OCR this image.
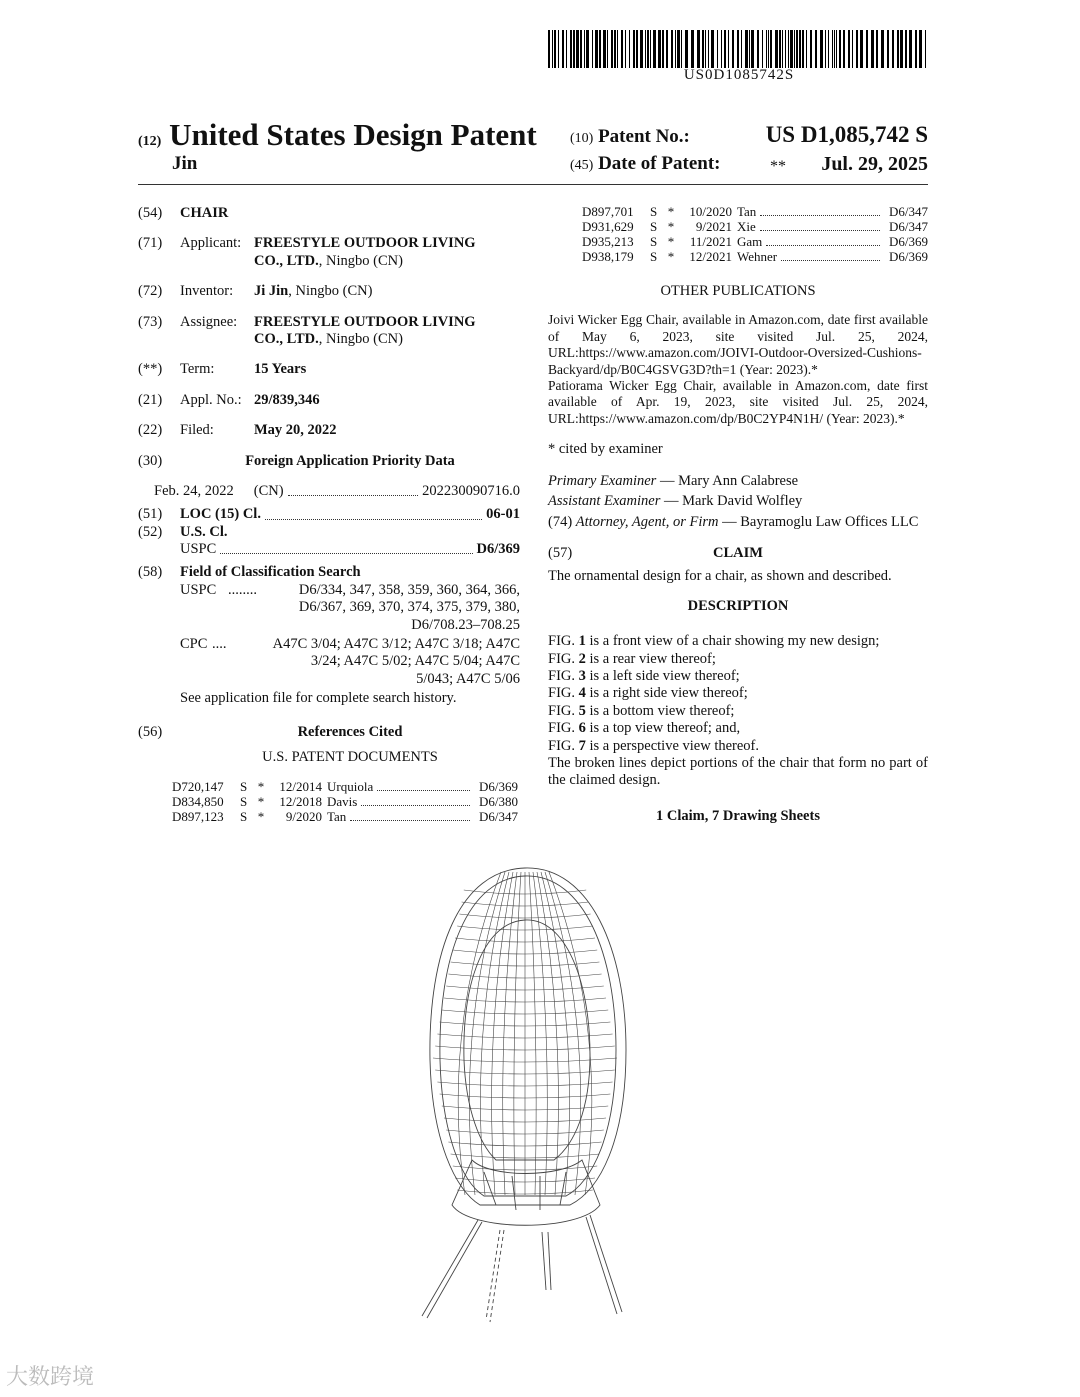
US0D1085742S
(12) United States Design Patent
Jin
(10) Patent No.:	US D1,085,742 S
(45) Date of Patent:	**	Jul. 29, 2025
(54)	CHAIR
(71)	Applicant: FREESTYLE OUTDOOR LIVING CO., LTD., Ningbo (CN)
(72)	Inventor:	Ji Jin, Ningbo (CN)
(73)	Assignee:	FREESTYLE OUTDOOR LIVING CO., LTD., Ningbo (CN)
(**)	Term:	15 Years
(21)	Appl. No.: 29/839,346
(22)	Filed:	May 20, 2022
(30)	Foreign Application Priority Data
Feb. 24, 2022 (CN)	202230090716.0
(51)	LOC (15) Cl.	06-01
(52)	U.S. Cl.
USPC	D6/369
(58)	Field of Classification Search
USPC ........	D6/334, 347, 358, 359, 360, 364, 366,
D6/367, 369, 370, 374, 375, 379, 380,
D6/708.23–708.25
CPC ....	A47C 3/04; A47C 3/12; A47C 3/18; A47C
3/24; A47C 5/02; A47C 5/04; A47C
5/043; A47C 5/06
See application file for complete search history.
(56)	References Cited
U.S. PATENT DOCUMENTS
D720,147	S *	12/2014 Urquiola	D6/369
D834,850	S *	12/2018 Davis	D6/380
D897,123	S *	9/2020 Tan	D6/347
D897,701	S *	10/2020 Tan	D6/347
D931,629	S *	9/2021 Xie	D6/347
D935,213	S *	11/2021 Gam	D6/369
D938,179	S *	12/2021 Wehner	D6/369
OTHER PUBLICATIONS
Joivi Wicker Egg Chair, available in Amazon.com, date first available of May 6, 2023, site visited Jul. 25, 2024, URL:https://www.amazon.com/JOIVI-Outdoor-Oversized-Cushions-Backyard/dp/B0C4GSVG3D?th=1 (Year: 2023).*
Patiorama Wicker Egg Chair, available in Amazon.com, date first available of Apr. 19, 2023, site visited Jul. 25, 2024, URL:https://www.amazon.com/dp/B0C2YP4N1H/ (Year: 2023).*
* cited by examiner
Primary Examiner — Mary Ann Calabrese
Assistant Examiner — Mark David Wolfley
(74) Attorney, Agent, or Firm — Bayramoglu Law Offices LLC
(57)	CLAIM
The ornamental design for a chair, as shown and described.
DESCRIPTION
FIG. 1 is a front view of a chair showing my new design;
FIG. 2 is a rear view thereof;
FIG. 3 is a left side view thereof;
FIG. 4 is a right side view thereof;
FIG. 5 is a bottom view thereof;
FIG. 6 is a top view thereof; and,
FIG. 7 is a perspective view thereof.
The broken lines depict portions of the chair that form no part of the claimed design.
1 Claim, 7 Drawing Sheets
大数跨境
